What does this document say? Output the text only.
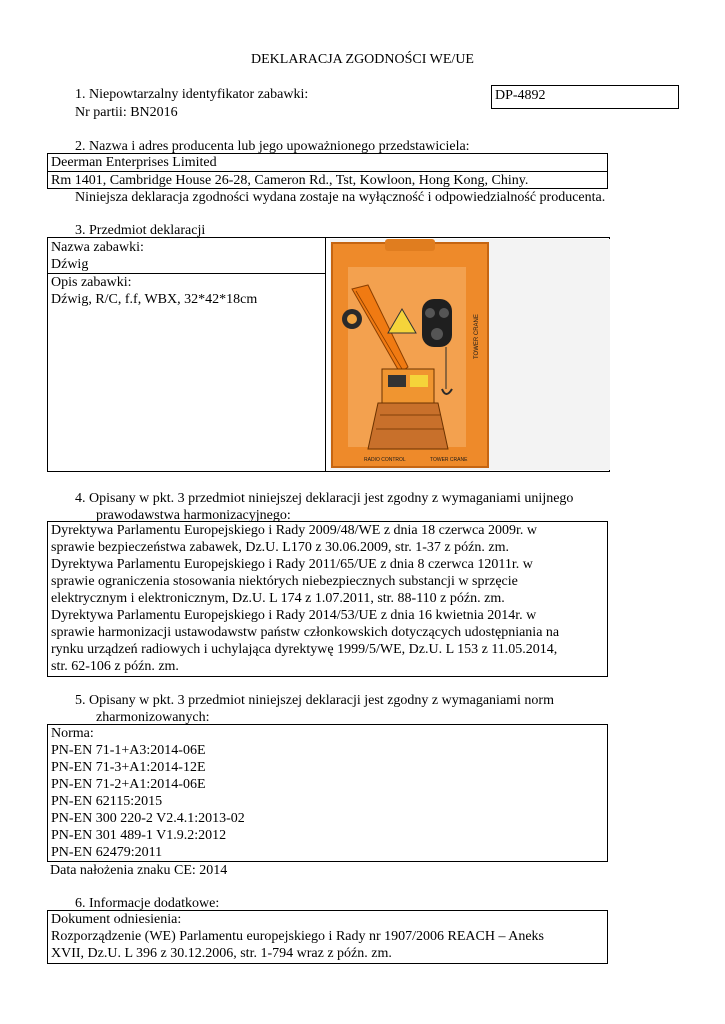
DEKLARACJA ZGODNOŚCI WE/UE
1. Niepowtarzalny identyfikator zabawki:
Nr partii: BN2016
DP-4892
2. Nazwa i adres producenta lub jego upoważnionego przedstawiciela:
Deerman Enterprises Limited
Rm 1401, Cambridge House 26-28, Cameron Rd., Tst, Kowloon, Hong Kong, Chiny.
Niniejsza deklaracja zgodności wydana zostaje na wyłączność i odpowiedzialność producenta.
3. Przedmiot deklaracji
Nazwa zabawki:
Dźwig
Opis zabawki:
Dźwig, R/C, f.f, WBX, 32*42*18cm
TOWER CRANE
RADIO CONTROL	TOWER CRANE
4. Opisany w pkt. 3 przedmiot niniejszej deklaracji jest zgodny z wymaganiami unijnego
prawodawstwa harmonizacyjnego:
Dyrektywa Parlamentu Europejskiego i Rady 2009/48/WE z dnia 18 czerwca 2009r. w
sprawie bezpieczeństwa zabawek, Dz.U. L170 z 30.06.2009, str. 1-37 z późn. zm.
Dyrektywa Parlamentu Europejskiego i Rady 2011/65/UE z dnia 8 czerwca 12011r. w
sprawie ograniczenia stosowania niektórych niebezpiecznych substancji w sprzęcie
elektrycznym i elektronicznym, Dz.U. L 174 z 1.07.2011, str. 88-110 z późn. zm.
Dyrektywa Parlamentu Europejskiego i Rady 2014/53/UE z dnia 16 kwietnia 2014r. w
sprawie harmonizacji ustawodawstw państw członkowskich dotyczących udostępniania na
rynku urządzeń radiowych i uchylająca dyrektywę 1999/5/WE, Dz.U. L 153 z 11.05.2014,
str. 62-106 z późn. zm.
5. Opisany w pkt. 3 przedmiot niniejszej deklaracji jest zgodny z wymaganiami norm
zharmonizowanych:
Norma:
PN-EN 71-1+A3:2014-06E
PN-EN 71-3+A1:2014-12E
PN-EN 71-2+A1:2014-06E
PN-EN 62115:2015
PN-EN 300 220-2 V2.4.1:2013-02
PN-EN 301 489-1 V1.9.2:2012
PN-EN 62479:2011
Data nałożenia znaku CE: 2014
6. Informacje dodatkowe:
Dokument odniesienia:
Rozporządzenie (WE) Parlamentu europejskiego i Rady nr 1907/2006 REACH – Aneks
XVII, Dz.U. L 396 z 30.12.2006, str. 1-794 wraz z późn. zm.
